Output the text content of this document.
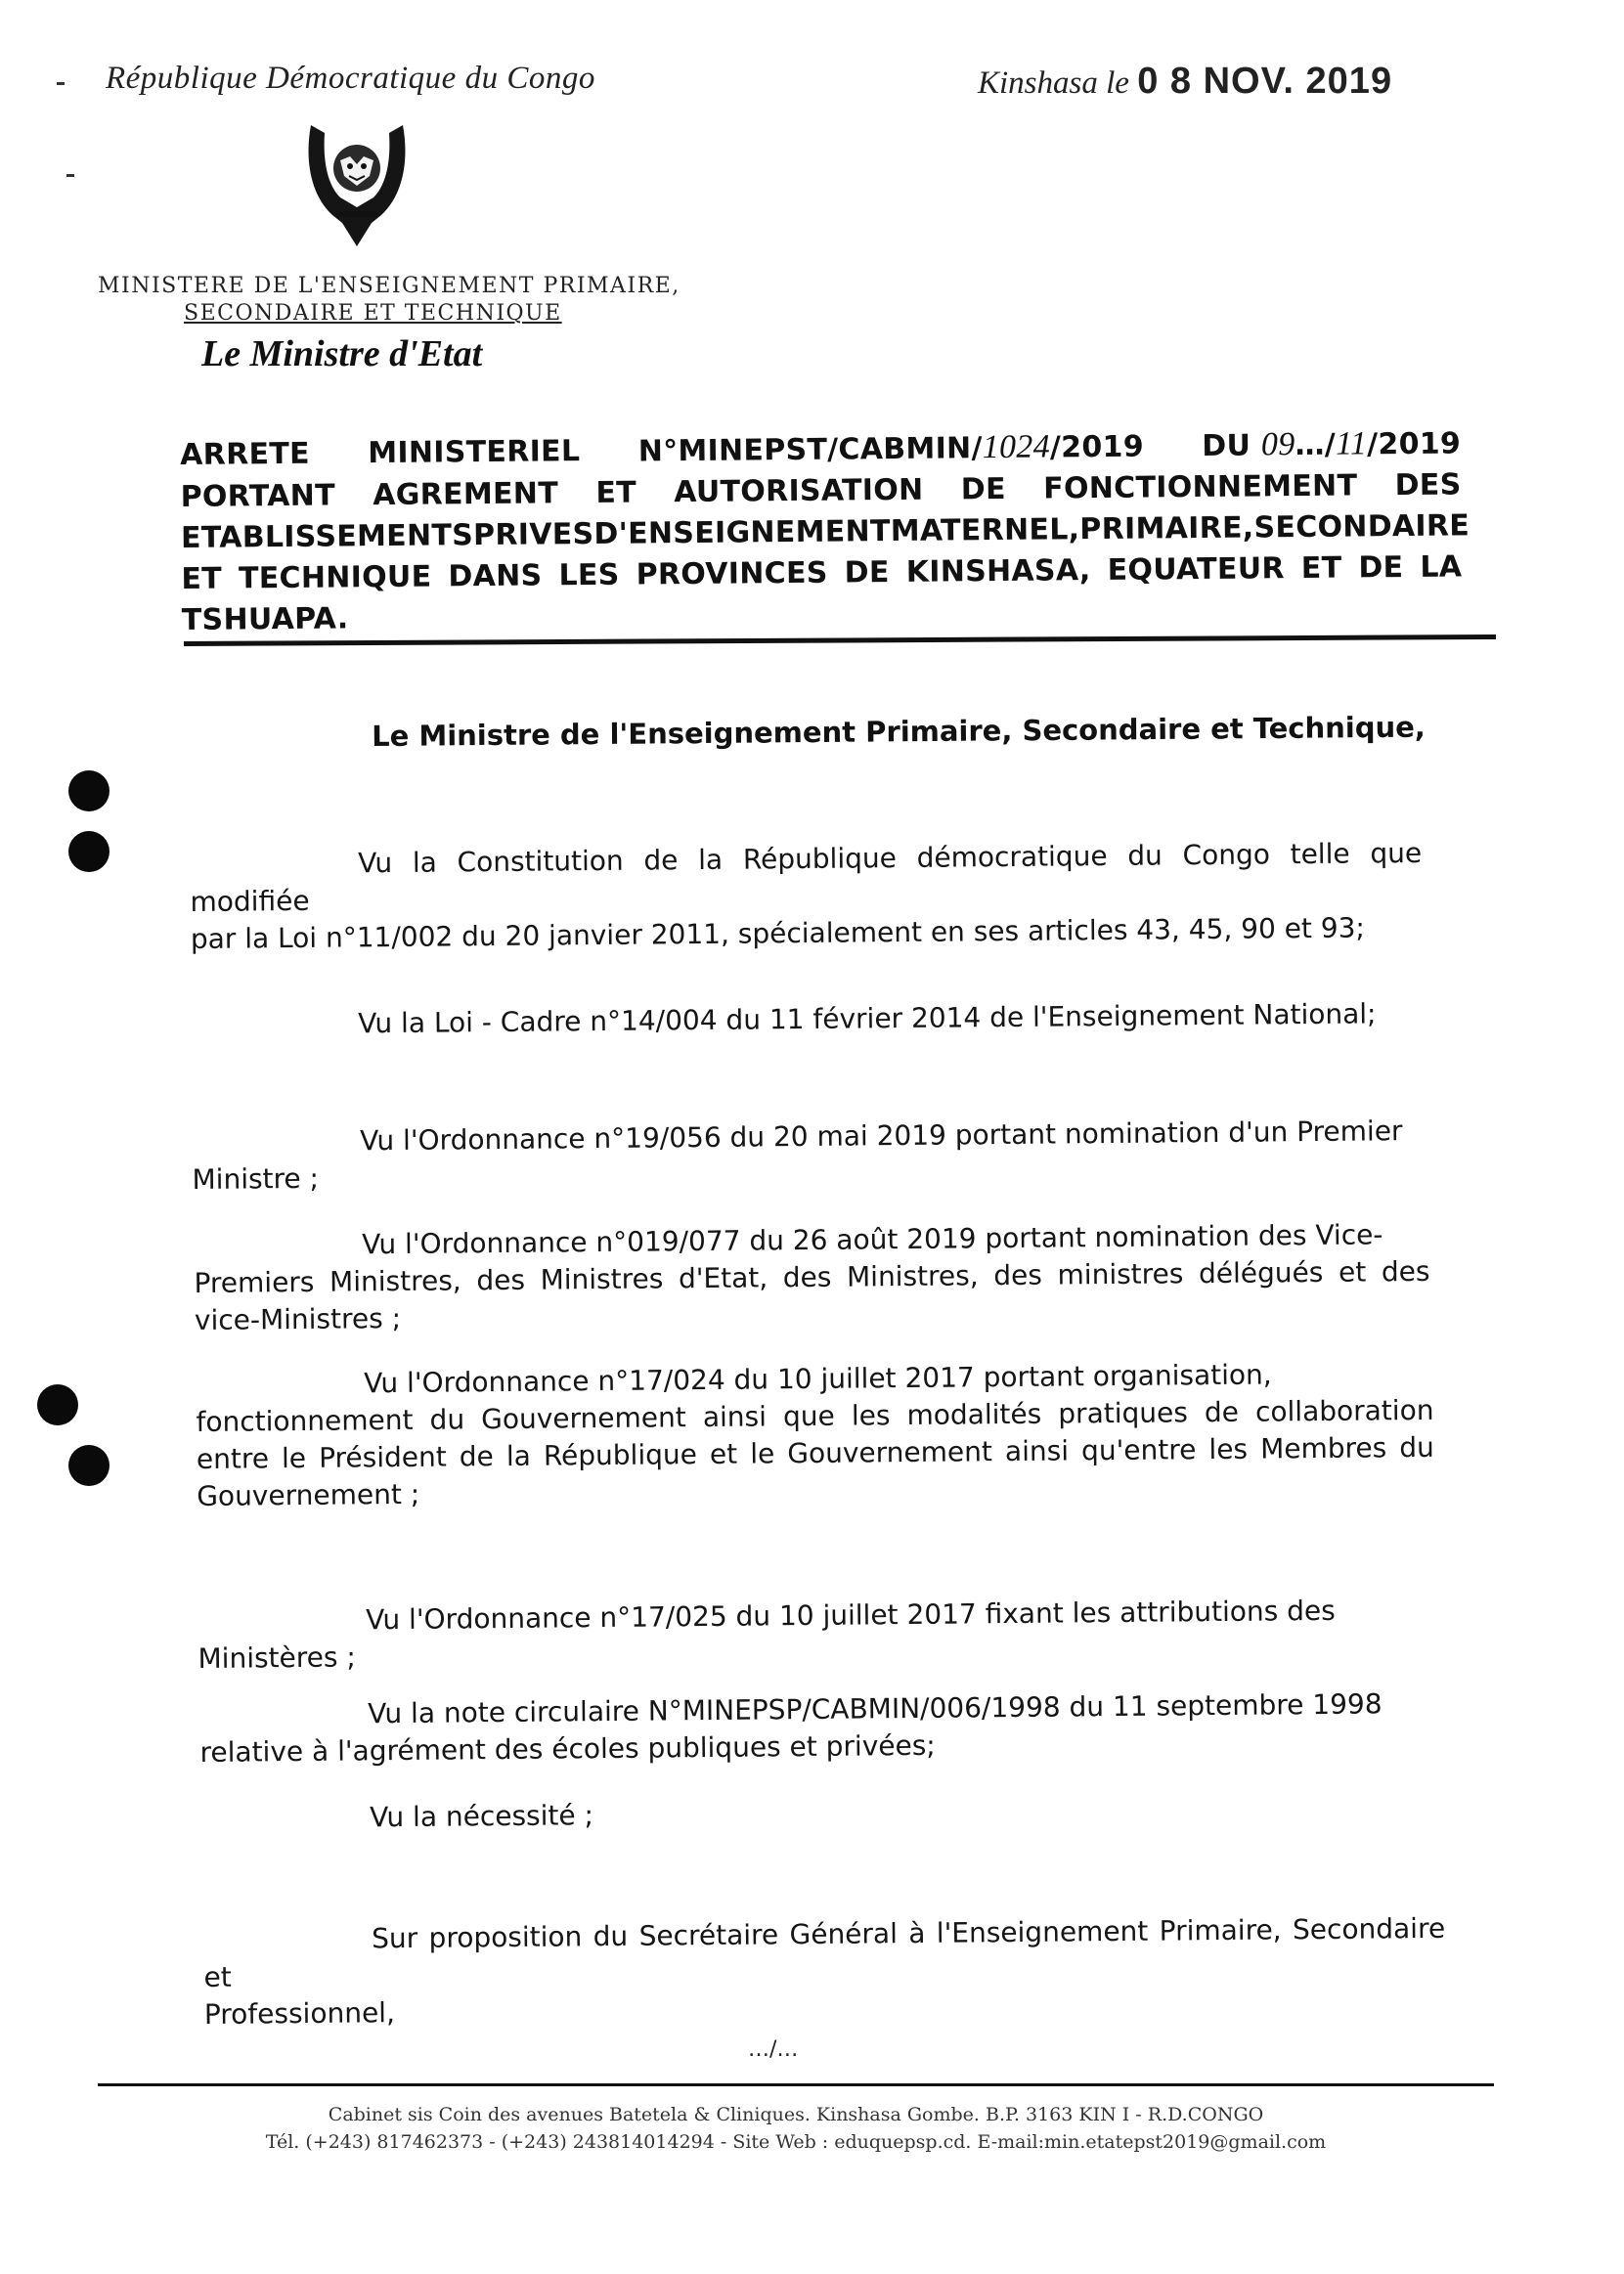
République Démocratique du Congo	Kinshasa le 0 8 NOV. 2019
MINISTERE DE L'ENSEIGNEMENT PRIMAIRE,
SECONDAIRE ET TECHNIQUE
Le Ministre d'Etat
ARRETE MINISTERIEL N°MINEPST/CABMIN/1024/2019 DU 09…/11/2019
PORTANT AGREMENT ET AUTORISATION DE FONCTIONNEMENT DES
ETABLISSEMENTS PRIVES D'ENSEIGNEMENT MATERNEL, PRIMAIRE, SECONDAIRE
ET TECHNIQUE DANS LES PROVINCES DE KINSHASA, EQUATEUR ET DE LA
TSHUAPA.
Le Ministre de l'Enseignement Primaire, Secondaire et Technique,
Vu la Constitution de la République démocratique du Congo telle que modifiée
par la Loi n°11/002 du 20 janvier 2011, spécialement en ses articles 43, 45, 90 et 93;
Vu la Loi - Cadre n°14/004 du 11 février 2014 de l'Enseignement National;
Vu l'Ordonnance n°19/056 du 20 mai 2019 portant nomination d'un Premier
Ministre ;
Vu l'Ordonnance n°019/077 du 26 août 2019 portant nomination des Vice-
Premiers Ministres, des Ministres d'Etat, des Ministres, des ministres délégués et des vice-Ministres ;
Vu l'Ordonnance n°17/024 du 10 juillet 2017 portant organisation,
fonctionnement du Gouvernement ainsi que les modalités pratiques de collaboration entre le Président de la République et le Gouvernement ainsi qu'entre les Membres du Gouvernement ;
Vu l'Ordonnance n°17/025 du 10 juillet 2017 fixant les attributions des
Ministères ;
Vu la note circulaire N°MINEPSP/CABMIN/006/1998 du 11 septembre 1998
relative à l'agrément des écoles publiques et privées;
Vu la nécessité ;
Sur proposition du Secrétaire Général à l'Enseignement Primaire, Secondaire et
Professionnel,
…/…
Cabinet sis Coin des avenues Batetela & Cliniques. Kinshasa Gombe. B.P. 3163 KIN I - R.D.CONGO
Tél. (+243) 817462373 - (+243) 243814014294 - Site Web : eduquepsp.cd. E-mail:min.etatepst2019@gmail.com
